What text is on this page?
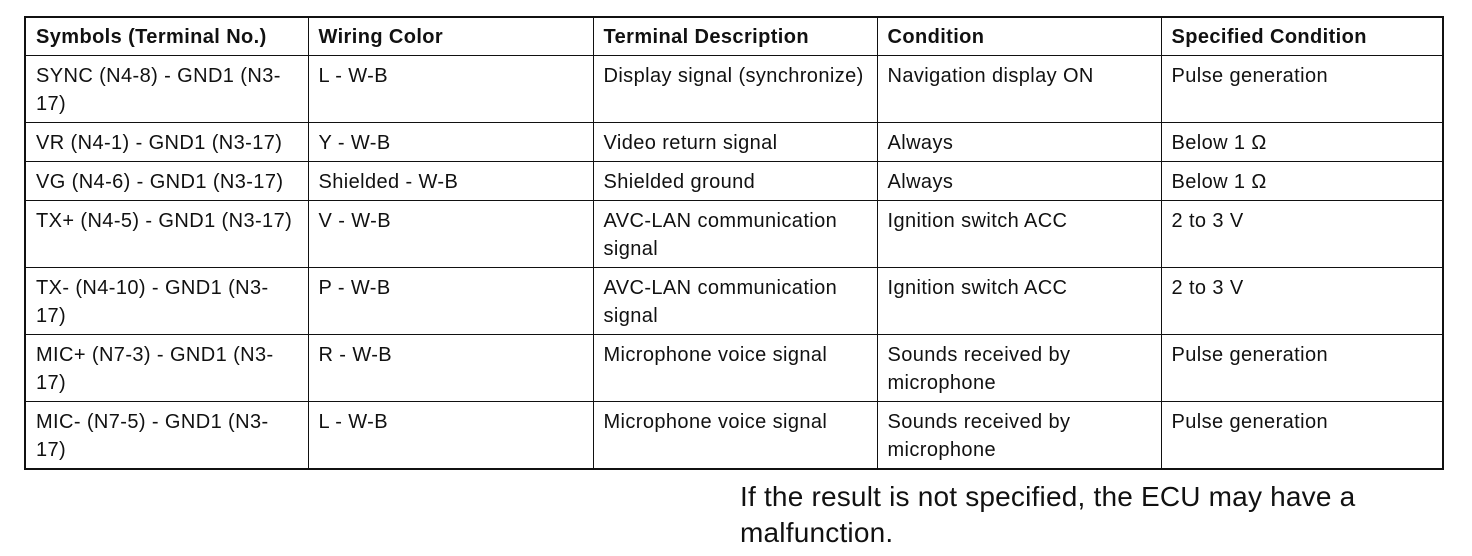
Symbols (Terminal No.)	Wiring Color	Terminal Description	Condition	Specified Condition
SYNC (N4-8) - GND1 (N3-17)	L - W-B	Display signal (synchronize)	Navigation display ON	Pulse generation
VR (N4-1) - GND1 (N3-17)	Y - W-B	Video return signal	Always	Below 1 Ω
VG (N4-6) - GND1 (N3-17)	Shielded - W-B	Shielded ground	Always	Below 1 Ω
TX+ (N4-5) - GND1 (N3-17)	V - W-B	AVC-LAN communication signal	Ignition switch ACC	2 to 3 V
TX- (N4-10) - GND1 (N3-17)	P - W-B	AVC-LAN communication signal	Ignition switch ACC	2 to 3 V
MIC+ (N7-3) - GND1 (N3-17)	R - W-B	Microphone voice signal	Sounds received by microphone	Pulse generation
MIC- (N7-5) - GND1 (N3-17)	L - W-B	Microphone voice signal	Sounds received by microphone	Pulse generation
If the result is not specified, the ECU may have a malfunction.
